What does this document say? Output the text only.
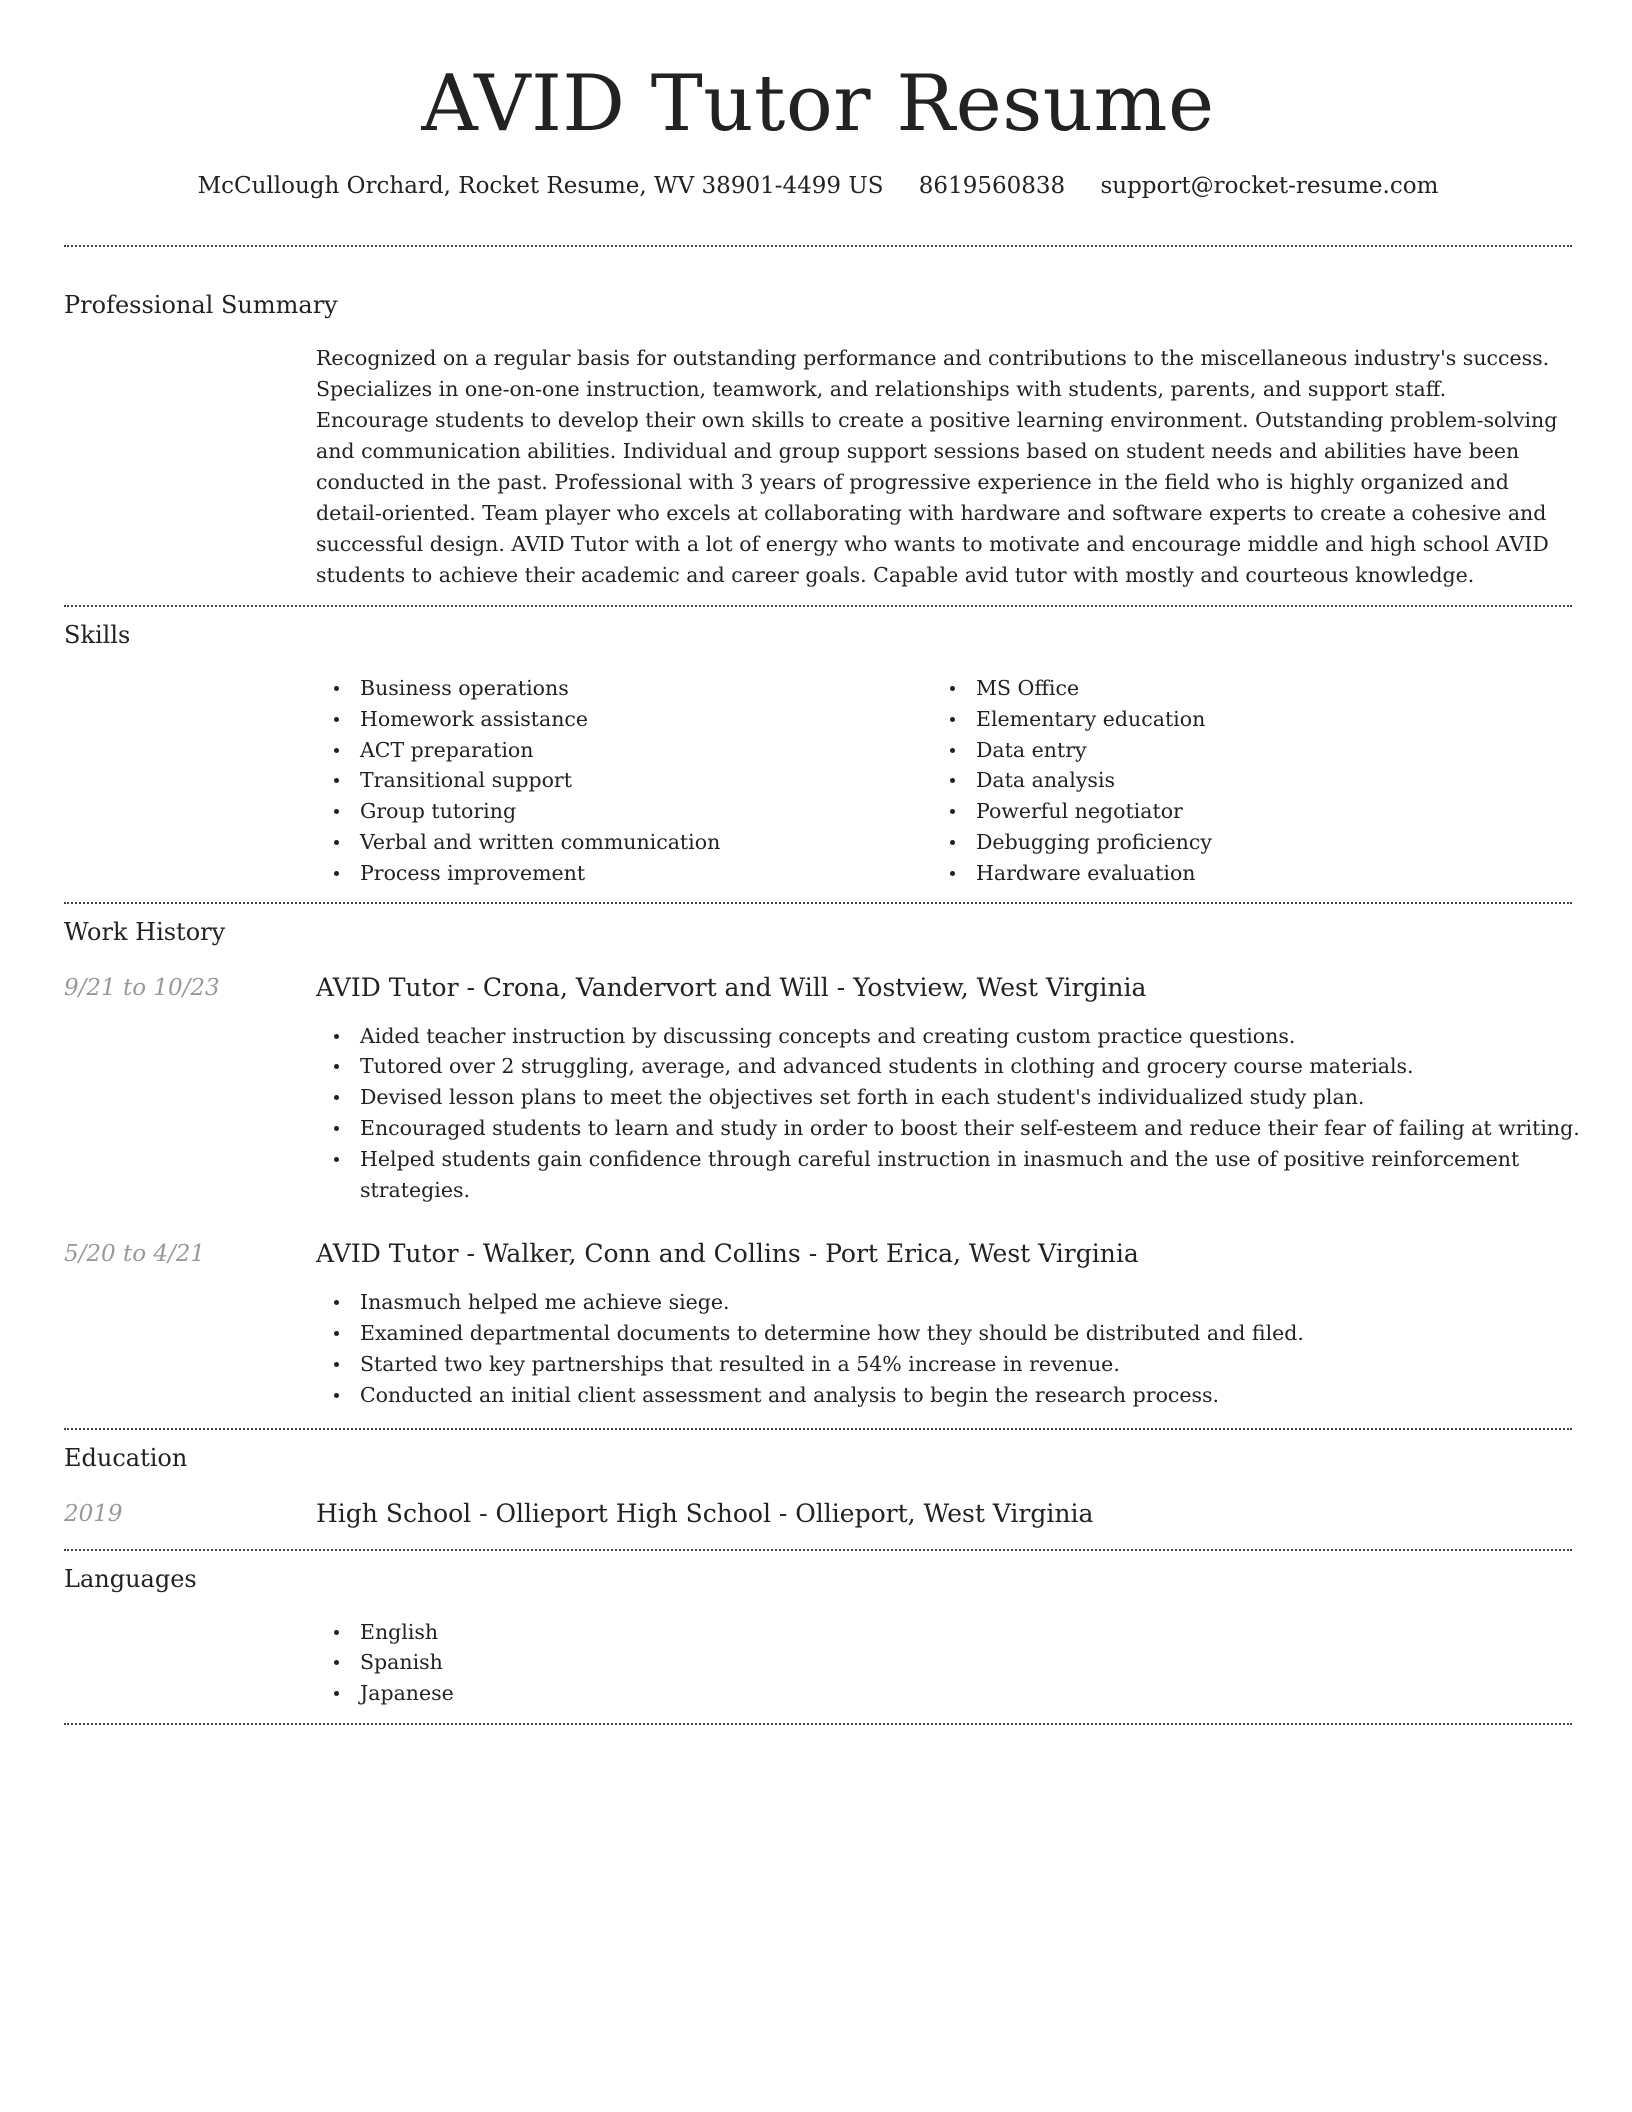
AVID Tutor Resume
McCullough Orchard, Rocket Resume, WV 38901-4499 US 8619560838 support@rocket-resume.com
Professional Summary

Recognized on a regular basis for outstanding performance and contributions to the miscellaneous industry's success. Specializes in one-on-one instruction, teamwork, and relationships with students, parents, and support staff. Encourage students to develop their own skills to create a positive learning environment. Outstanding problem-solving and communication abilities. Individual and group support sessions based on student needs and abilities have been conducted in the past. Professional with 3 years of progressive experience in the field who is highly organized and detail-oriented. Team player who excels at collaborating with hardware and software experts to create a cohesive and successful design. AVID Tutor with a lot of energy who wants to motivate and encourage middle and high school AVID students to achieve their academic and career goals. Capable avid tutor with mostly and courteous knowledge.

Skills
Business operations
Homework assistance
ACT preparation
Transitional support
Group tutoring
Verbal and written communication
Process improvement
MS Office
Elementary education
Data entry
Data analysis
Powerful negotiator
Debugging proficiency
Hardware evaluation
Work History
9/21 to 10/23	AVID Tutor - Crona, Vandervort and Will - Yostview, West Virginia
Aided teacher instruction by discussing concepts and creating custom practice questions.
Tutored over 2 struggling, average, and advanced students in clothing and grocery course materials.
Devised lesson plans to meet the objectives set forth in each student's individualized study plan.
Encouraged students to learn and study in order to boost their self-esteem and reduce their fear of failing at writing.
Helped students gain confidence through careful instruction in inasmuch and the use of positive reinforcement strategies.
5/20 to 4/21	AVID Tutor - Walker, Conn and Collins - Port Erica, West Virginia
Inasmuch helped me achieve siege.
Examined departmental documents to determine how they should be distributed and filed.
Started two key partnerships that resulted in a 54% increase in revenue.
Conducted an initial client assessment and analysis to begin the research process.
Education
2019	High School - Ollieport High School - Ollieport, West Virginia
Languages
English
Spanish
Japanese
